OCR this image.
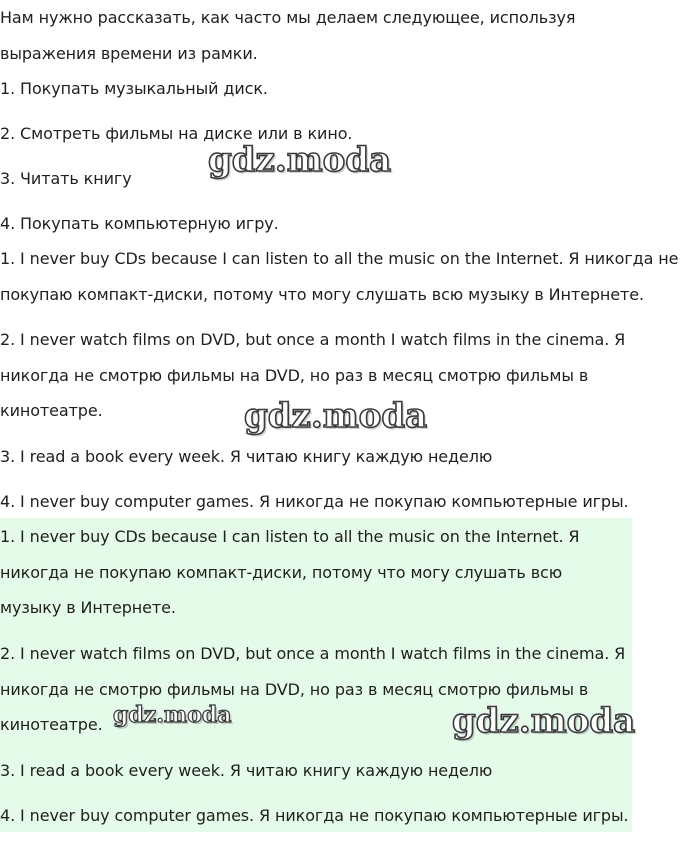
Нам нужно рассказать, как часто мы делаем следующее, используя
выражения времени из рамки.
1. Покупать музыкальный диск.
2. Смотреть фильмы на диске или в кино.
3. Читать книгу
4. Покупать компьютерную игру.
1. I never buy CDs because I can listen to all the music on the Internet. Я никогда не
покупаю компакт-диски, потому что могу слушать всю музыку в Интернете.
2. I never watch films on DVD, but once a month I watch films in the cinema. Я
никогда не смотрю фильмы на DVD, но раз в месяц смотрю фильмы в
кинотеатре.
3. I read a book every week. Я читаю книгу каждую неделю
4. I never buy computer games. Я никогда не покупаю компьютерные игры.
1. I never buy CDs because I can listen to all the music on the Internet. Я
никогда не покупаю компакт-диски, потому что могу слушать всю
музыку в Интернете.
2. I never watch films on DVD, but once a month I watch films in the cinema. Я
никогда не смотрю фильмы на DVD, но раз в месяц смотрю фильмы в
кинотеатре.
3. I read a book every week. Я читаю книгу каждую неделю
4. I never buy computer games. Я никогда не покупаю компьютерные игры.
gdz.moda
gdz.moda
gdz.moda	gdz.moda
